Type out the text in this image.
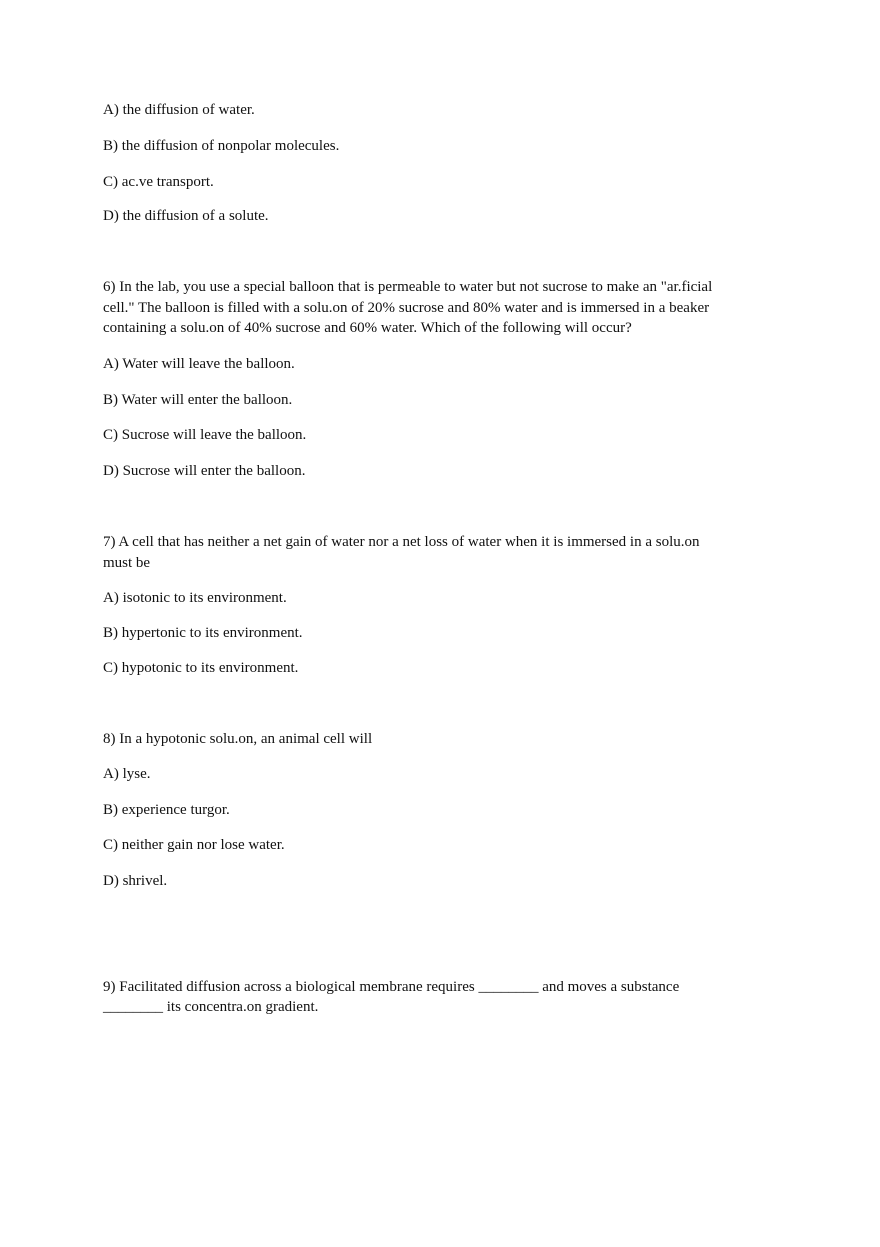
A) the diffusion of water.
B) the diffusion of nonpolar molecules.
C) ac.ve transport.
D) the diffusion of a solute.
6) In the lab, you use a special balloon that is permeable to water but not sucrose to make an "ar.ficial
cell." The balloon is filled with a solu.on of 20% sucrose and 80% water and is immersed in a beaker
containing a solu.on of 40% sucrose and 60% water. Which of the following will occur?
A) Water will leave the balloon.
B) Water will enter the balloon.
C) Sucrose will leave the balloon.
D) Sucrose will enter the balloon.
7) A cell that has neither a net gain of water nor a net loss of water when it is immersed in a solu.on
must be
A) isotonic to its environment.
B) hypertonic to its environment.
C) hypotonic to its environment.
8) In a hypotonic solu.on, an animal cell will
A) lyse.
B) experience turgor.
C) neither gain nor lose water.
D) shrivel.
9) Facilitated diffusion across a biological membrane requires ________ and moves a substance
________ its concentra.on gradient.
